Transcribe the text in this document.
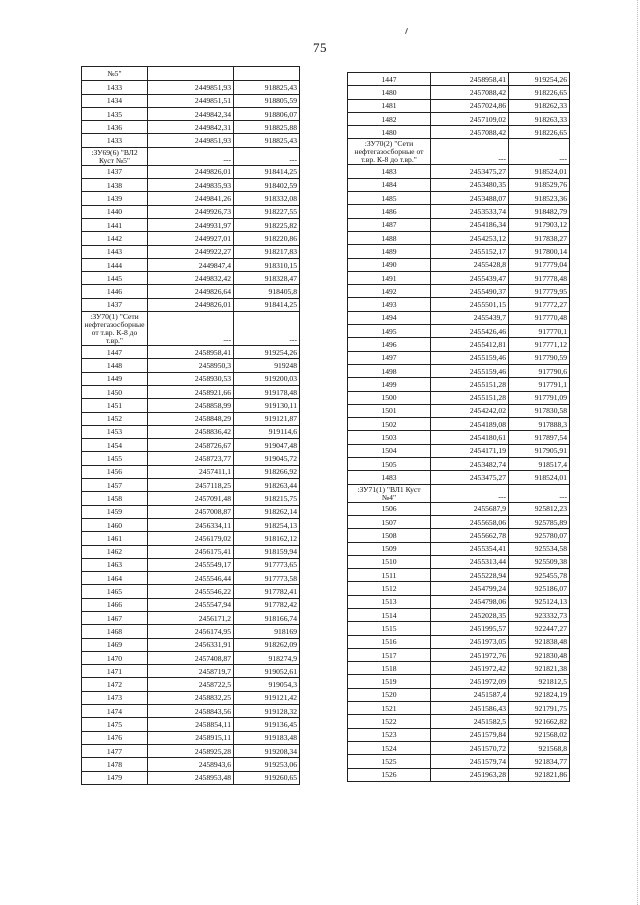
75
№5"		
1433	2449851,93	918825,43
1434	2449851,51	918805,59
1435	2449842,34	918806,07
1436	2449842,31	918825,88
1433	2449851,93	918825,43
:ЗУ69(6) "ВЛ2 Куст №5"	---	---
1437	2449826,01	918414,25
1438	2449835,93	918402,59
1439	2449841,26	918332,08
1440	2449926,73	918227,55
1441	2449931,97	918225,82
1442	2449927,01	918220,86
1443	2449922,27	918217,83
1444	2449847,4	918310,15
1445	2449832,42	918328,47
1446	2449826,64	918405,8
1437	2449826,01	918414,25
:ЗУ70(1) "Сети нефтегазосборные от т.вр. К-8 до т.вр."	---	---
1447	2458958,41	919254,26
1448	2458950,3	919248
1449	2458930,53	919200,03
1450	2458921,66	919178,48
1451	2458858,99	919130,11
1452	2458848,29	919121,87
1453	2458836,42	919114,6
1454	2458726,67	919047,48
1455	2458723,77	919045,72
1456	2457411,1	918266,92
1457	2457118,25	918263,44
1458	2457091,48	918215,75
1459	2457008,87	918262,14
1460	2456334,11	918254,13
1461	2456179,02	918162,12
1462	2456175,41	918159,94
1463	2455549,17	917773,65
1464	2455546,44	917773,58
1465	2455546,22	917782,41
1466	2455547,94	917782,42
1467	2456171,2	918166,74
1468	2456174,95	918169
1469	2456331,91	918262,09
1470	2457408,87	918274,9
1471	2458719,7	919052,61
1472	2458722,5	919054,3
1473	2458832,25	919121,42
1474	2458843,56	919128,32
1475	2458854,11	919136,45
1476	2458915,11	919183,48
1477	2458925,28	919208,34
1478	2458943,6	919253,06
1479	2458953,48	919260,65
1447	2458958,41	919254,26
1480	2457088,42	918226,65
1481	2457024,86	918262,33
1482	2457109,02	918263,33
1480	2457088,42	918226,65
:ЗУ70(2) "Сети нефтегазосборные от т.вр. К-8 до т.вр."	---	---
1483	2453475,27	918524,01
1484	2453480,35	918529,76
1485	2453488,07	918523,36
1486	2453533,74	918482,79
1487	2454186,34	917903,12
1488	2454253,12	917838,27
1489	2455152,17	917800,14
1490	2455428,8	917779,04
1491	2455439,47	917778,48
1492	2455490,37	917779,95
1493	2455501,15	917772,27
1494	2455439,7	917770,48
1495	2455426,46	917770,1
1496	2455412,81	917771,12
1497	2455159,46	917790,59
1498	2455159,46	917790,6
1499	2455151,28	917791,1
1500	2455151,28	917791,09
1501	2454242,02	917830,58
1502	2454189,08	917888,3
1503	2454180,61	917897,54
1504	2454171,19	917905,91
1505	2453482,74	918517,4
1483	2453475,27	918524,01
:ЗУ71(1) "ВЛ1 Куст №4"	---	---
1506	2455687,9	925812,23
1507	2455658,06	925785,89
1508	2455662,78	925780,07
1509	2455354,41	925534,58
1510	2455313,44	925509,38
1511	2455228,94	925455,78
1512	2454799,24	925186,07
1513	2454798,06	925124,13
1514	2452028,35	923332,73
1515	2451995,57	922447,27
1516	2451973,05	921838,48
1517	2451972,76	921830,48
1518	2451972,42	921821,38
1519	2451972,09	921812,5
1520	2451587,4	921824,19
1521	2451586,43	921791,75
1522	2451582,5	921662,82
1523	2451579,84	921568,02
1524	2451570,72	921568,8
1525	2451579,74	921834,77
1526	2451963,28	921821,86
